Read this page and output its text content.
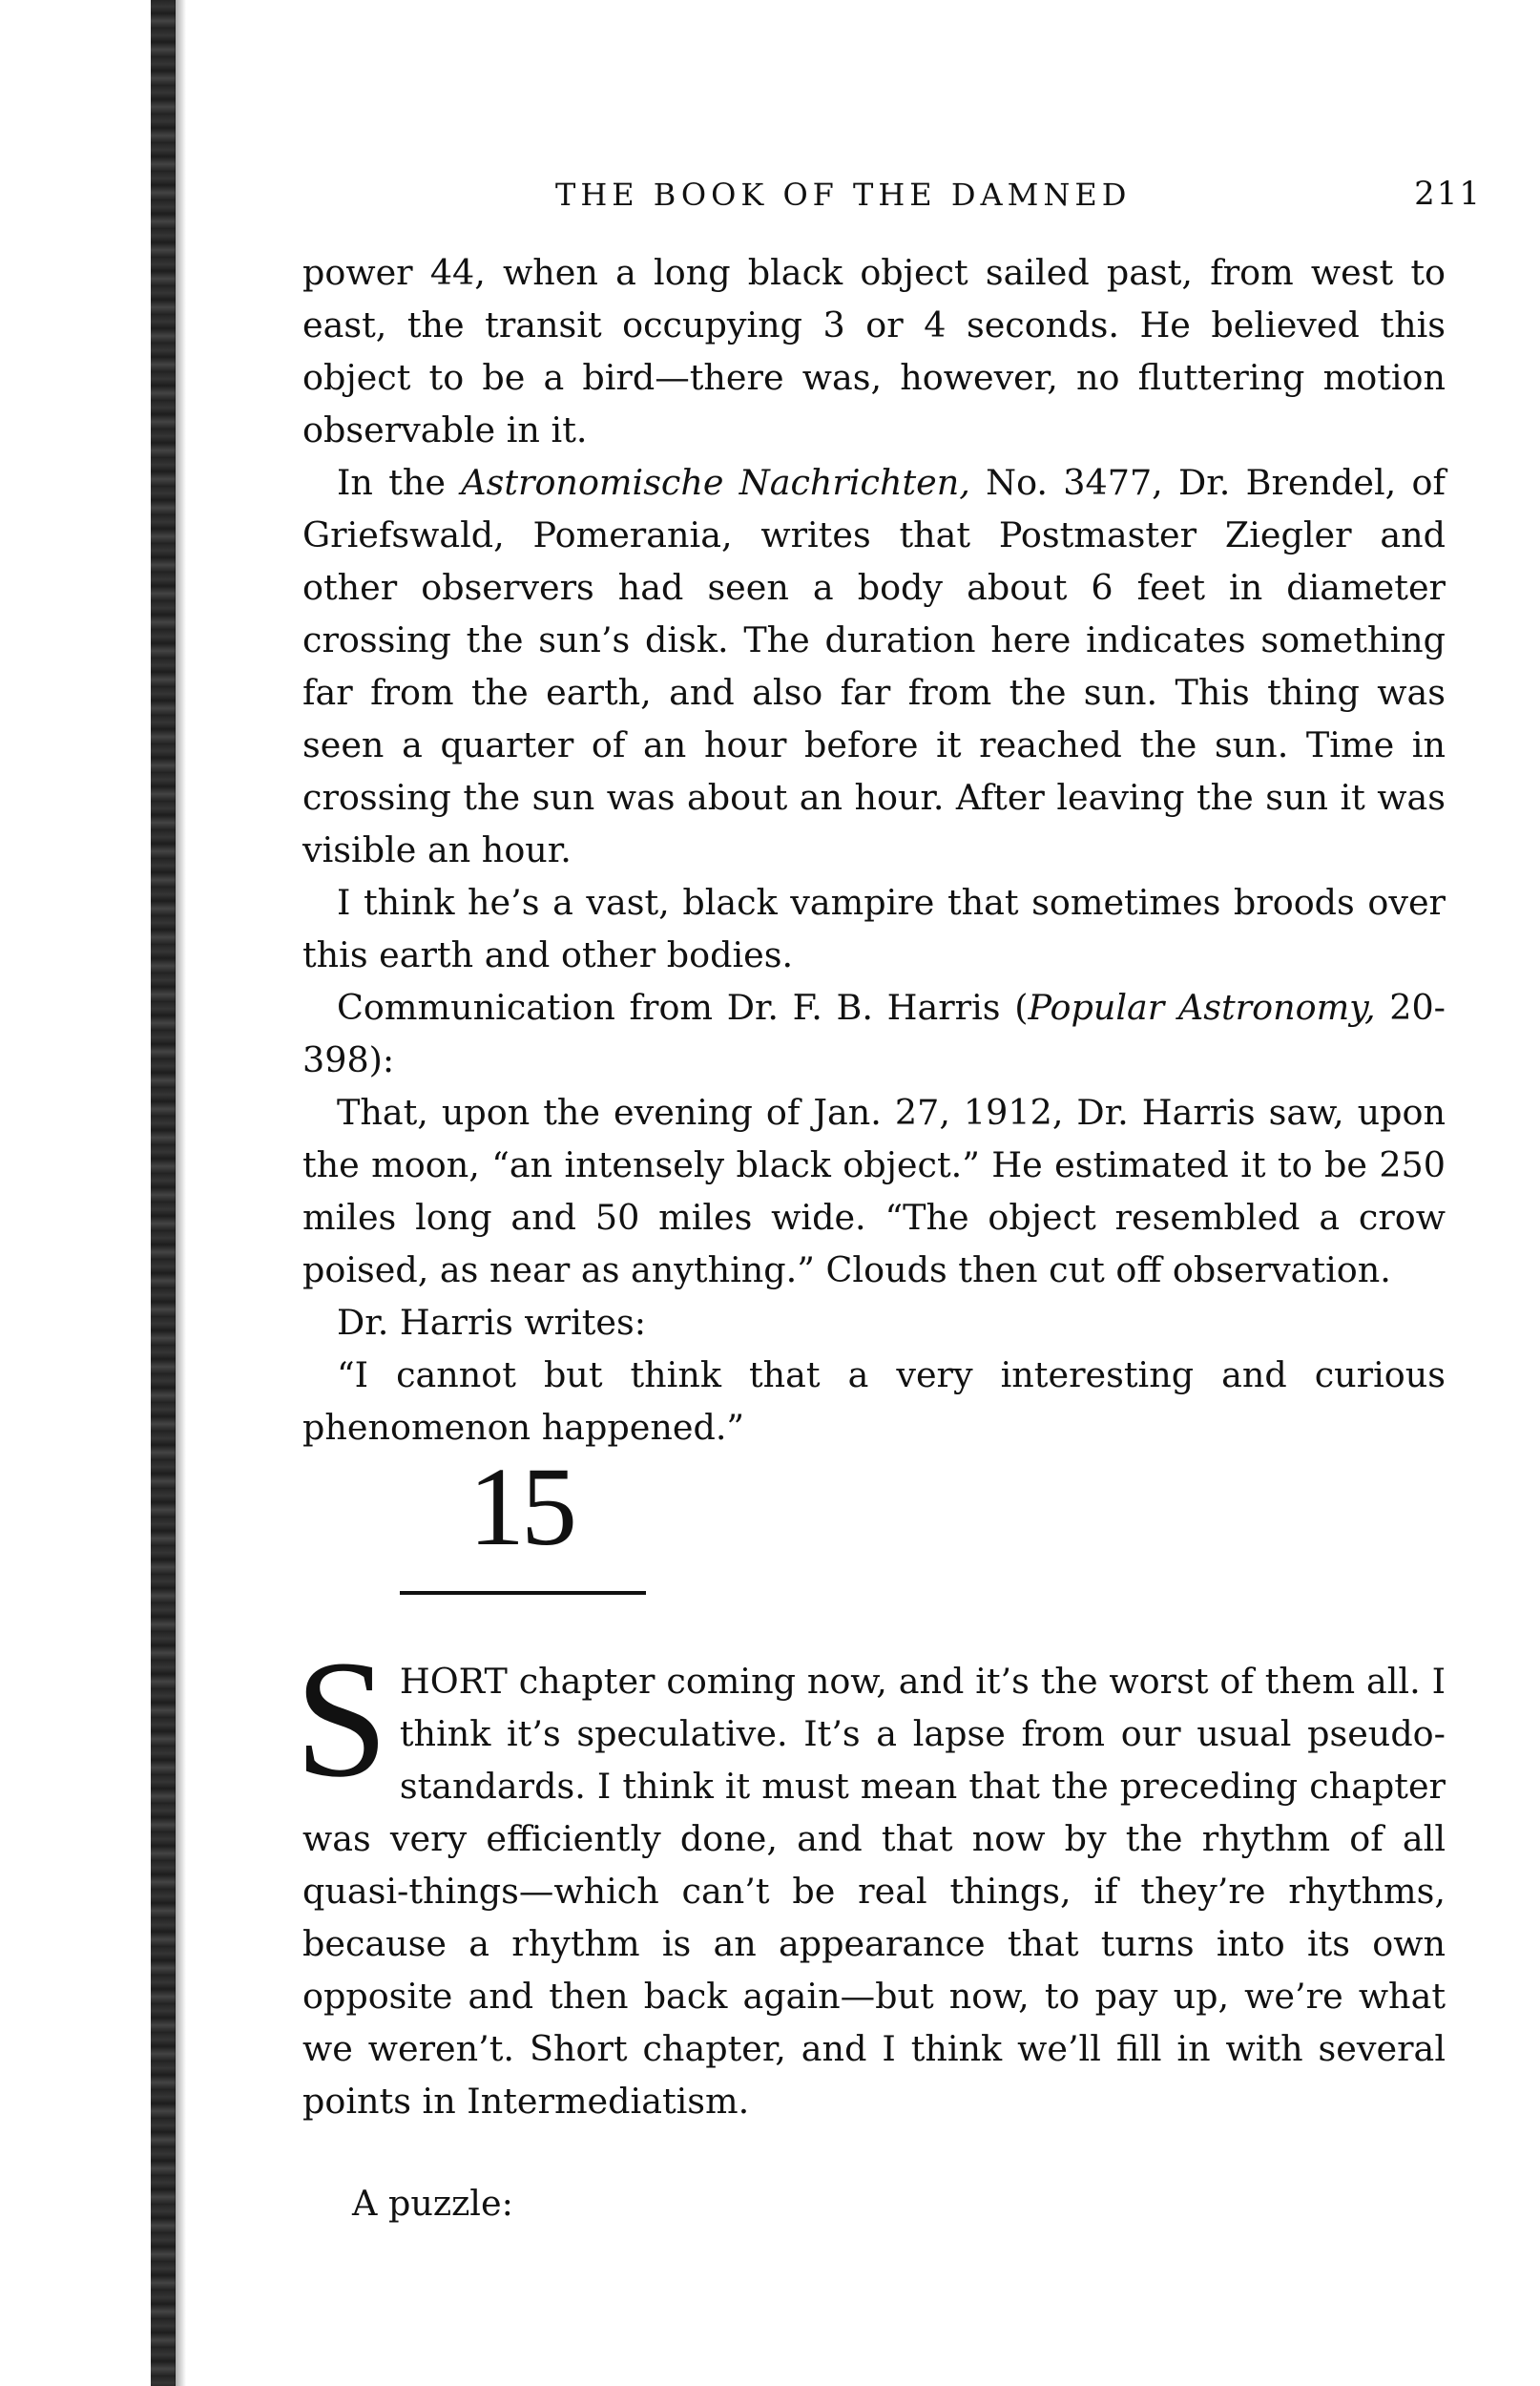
THE BOOK OF THE DAMNED	211

power 44, when a long black object sailed past, from west to east, the transit occupying 3 or 4 seconds. He believed this object to be a bird—there was, however, no fluttering motion observable in it.

In the Astronomische Nachrichten, No. 3477, Dr. Brendel, of Griefswald, Pomerania, writes that Postmaster Ziegler and other observers had seen a body about 6 feet in diameter crossing the sun’s disk. The duration here indicates something far from the earth, and also far from the sun. This thing was seen a quarter of an hour before it reached the sun. Time in crossing the sun was about an hour. After leaving the sun it was visible an hour.

I think he’s a vast, black vampire that sometimes broods over this earth and other bodies.

Communication from Dr. F. B. Harris (Popular Astronomy, 20-398):

That, upon the evening of Jan. 27, 1912, Dr. Harris saw, upon the moon, “an intensely black object.” He estimated it to be 250 miles long and 50 miles wide. “The object resembled a crow poised, as near as anything.” Clouds then cut off observation.

Dr. Harris writes:

“I cannot but think that a very interesting and curious phenomenon happened.”

15
S HORT chapter coming now, and it’s the worst of them all. I think it’s speculative. It’s a lapse from our usual pseudo-standards. I think it must mean that the preceding chapter was very efficiently done, and that now by the rhythm of all quasi-things—which can’t be real things, if they’re rhythms, because a rhythm is an appearance that turns into its own opposite and then back again—but now, to pay up, we’re what we weren’t. Short chapter, and I think we’ll fill in with several points in Intermediatism.

A puzzle:
